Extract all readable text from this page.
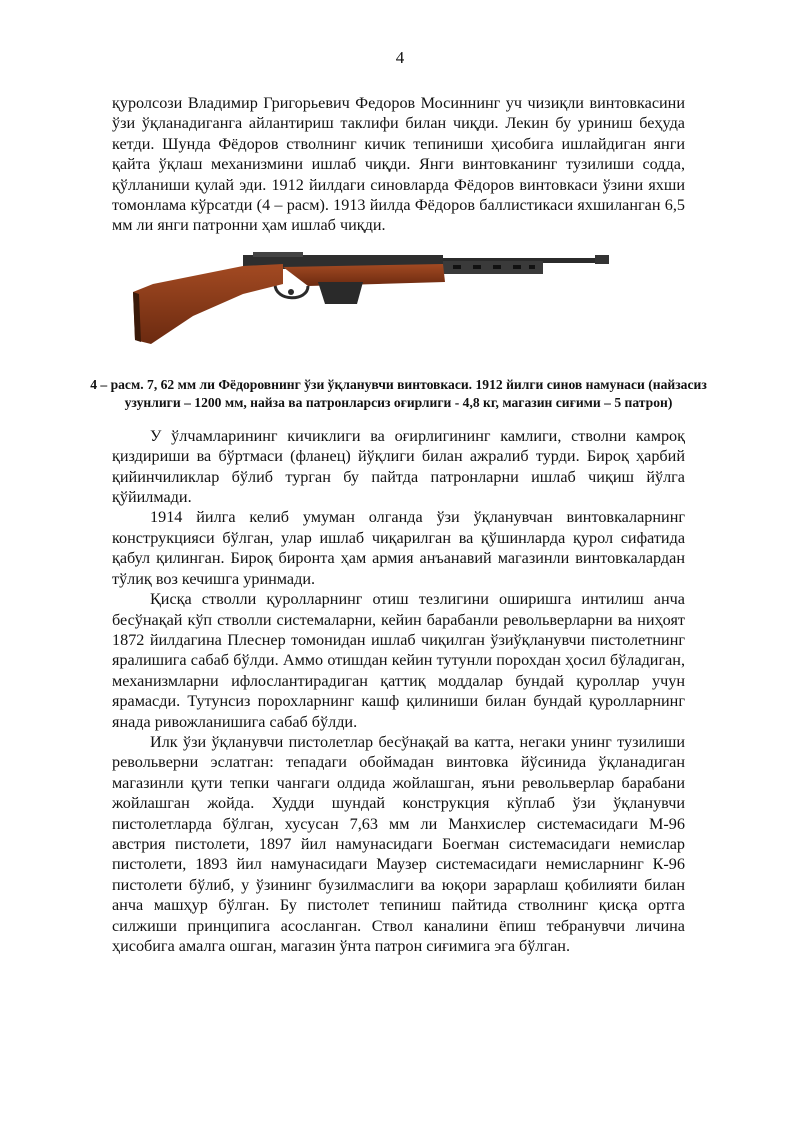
4

қуролсози Владимир Григорьевич Федоров Мосиннинг уч чизиқли винтовкасини ўзи ўқланадиганга айлантириш таклифи билан чиқди. Лекин бу уриниш беҳуда кетди. Шунда Фёдоров стволнинг кичик тепиниши ҳисобига ишлайдиган янги қайта ўқлаш механизмини ишлаб чиқди. Янги винтовканинг тузилиши содда, қўлланиши қулай эди. 1912 йилдаги синовларда Фёдоров винтовкаси ўзини яхши томонлама кўрсатди (4 – расм). 1913 йилда Фёдоров баллистикаси яхшиланган 6,5 мм ли янги патронни ҳам ишлаб чиқди.

4 – расм. 7, 62 мм ли Фёдоровнинг ўзи ўқланувчи винтовкаси. 1912 йилги синов намунаси (найзасиз узунлиги – 1200 мм, найза ва патронларсиз оғирлиги - 4,8 кг, магазин сиғими – 5 патрон)

У ўлчамларининг кичиклиги ва оғирлигининг камлиги, стволни камроқ қиздириши ва бўртмаси (фланец) йўқлиги билан ажралиб турди. Бироқ ҳарбий қийинчиликлар бўлиб турган бу пайтда патронларни ишлаб чиқиш йўлга қўйилмади.

1914 йилга келиб умуман олганда ўзи ўқланувчан винтовкаларнинг конструкцияси бўлган, улар ишлаб чиқарилган ва қўшинларда қурол сифатида қабул қилинган. Бироқ биронта ҳам армия анъанавий магазинли винтовкалардан тўлиқ воз кечишга уринмади.

Қисқа стволли қуролларнинг отиш тезлигини оширишга интилиш анча бесўнақай кўп стволли системаларни, кейин барабанли револьверларни ва ниҳоят 1872 йилдагина Плеснер томонидан ишлаб чиқилган ўзиўқланувчи пистолетнинг яралишига сабаб бўлди. Аммо отишдан кейин тутунли порохдан ҳосил бўладиган, механизмларни ифлослантирадиган қаттиқ моддалар бундай қуроллар учун ярамасди. Тутунсиз порохларнинг кашф қилиниши билан бундай қуролларнинг янада ривожланишига сабаб бўлди.

Илк ўзи ўқланувчи пистолетлар бесўнақай ва катта, негаки унинг тузилиши револьверни эслатган: тепадаги обоймадан винтовка йўсинида ўқланадиган магазинли қути тепки чангаги олдида жойлашган, яъни револьверлар барабани жойлашган жойда. Худди шундай конструкция кўплаб ўзи ўқланувчи пистолетларда бўлган, хусусан 7,63 мм ли Манхислер системасидаги М-96 австрия пистолети, 1897 йил намунасидаги Боегман системасидаги немислар пистолети, 1893 йил намунасидаги Маузер системасидаги немисларнинг К-96 пистолети бўлиб, у ўзининг бузилмаслиги ва юқори зарарлаш қобилияти билан анча машҳур бўлган. Бу пистолет тепиниш пайтида стволнинг қисқа ортга силжиши принципига асосланган. Ствол каналини ёпиш тебранувчи личина ҳисобига амалга ошган, магазин ўнта патрон сиғимига эга бўлган.
